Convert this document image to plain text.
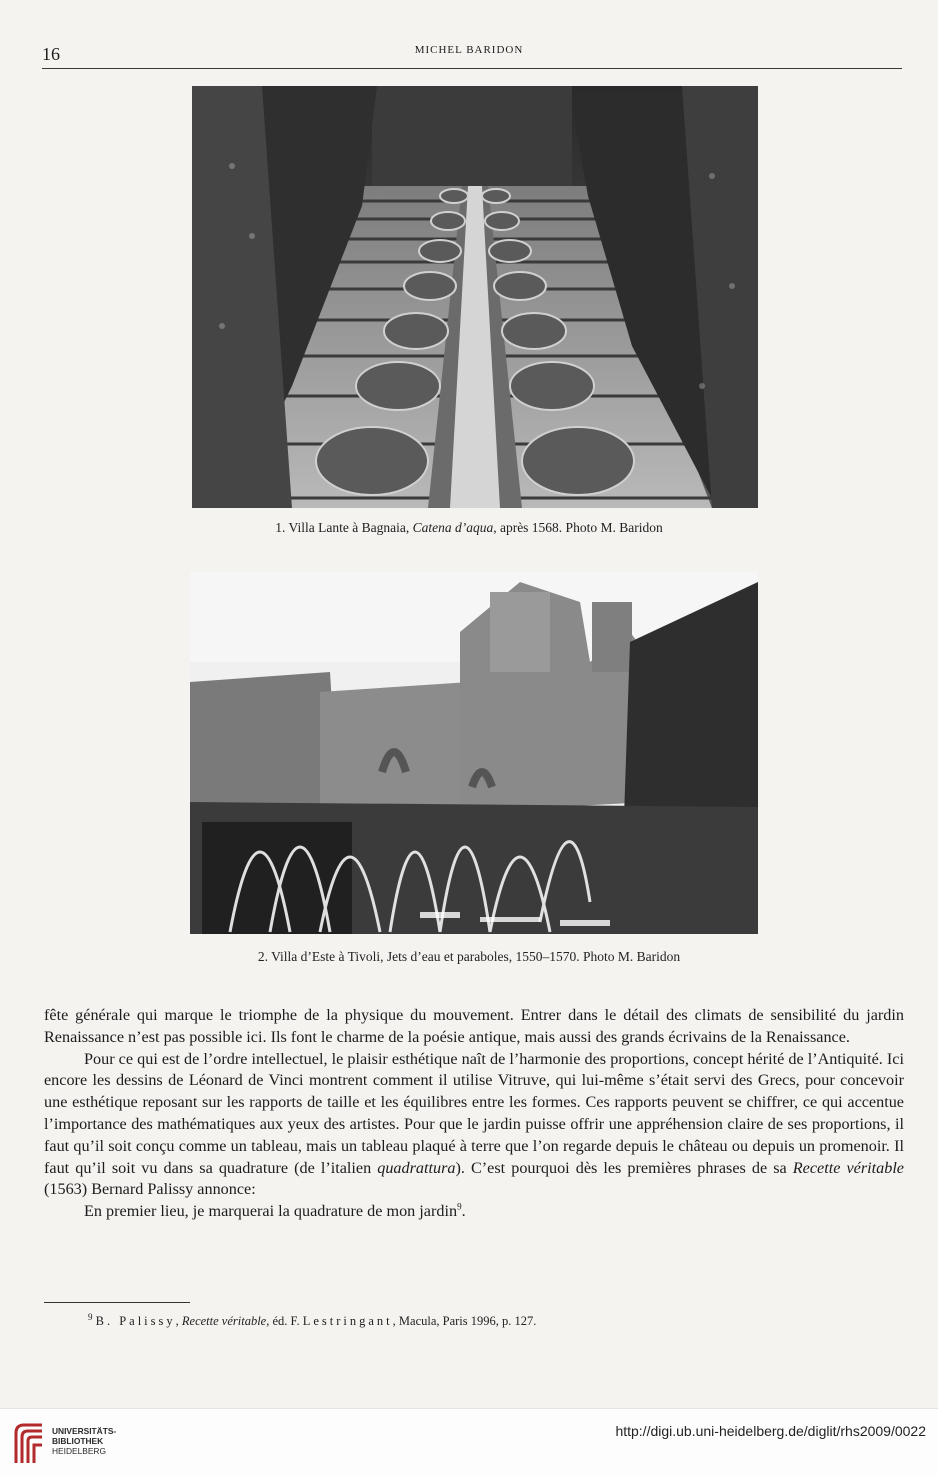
16	MICHEL BARIDON
1. Villa Lante à Bagnaia, Catena d’aqua, après 1568. Photo M. Baridon
2. Villa d’Este à Tivoli, Jets d’eau et paraboles, 1550–1570. Photo M. Baridon

fête générale qui marque le triomphe de la physique du mouvement. Entrer dans le détail des climats de sensibilité du jardin Renaissance n’est pas possible ici. Ils font le charme de la poésie antique, mais aussi des grands écrivains de la Renaissance.

Pour ce qui est de l’ordre intellectuel, le plaisir esthétique naît de l’harmonie des proportions, concept hérité de l’Antiquité. Ici encore les dessins de Léonard de Vinci montrent comment il utilise Vitruve, qui lui-même s’était servi des Grecs, pour concevoir une esthétique reposant sur les rapports de taille et les équilibres entre les formes. Ces rapports peuvent se chiffrer, ce qui accentue l’importance des mathématiques aux yeux des artistes. Pour que le jardin puisse offrir une appréhension claire de ses proportions, il faut qu’il soit conçu comme un tableau, mais un tableau plaqué à terre que l’on regarde depuis le château ou depuis un promenoir. Il faut qu’il soit vu dans sa quadrature (de l’italien quadrattura). C’est pourquoi dès les premières phrases de sa Recette véritable (1563) Bernard Palissy annonce:

En premier lieu, je marquerai la quadrature de mon jardin$^9$.

$^9$ B. Palissy, Recette véritable, éd. F. Lestringant, Macula, Paris 1996, p. 127.
UNIVERSITÄTS-
BIBLIOTHEK
HEIDELBERG
http://digi.ub.uni-heidelberg.de/diglit/rhs2009/0022
